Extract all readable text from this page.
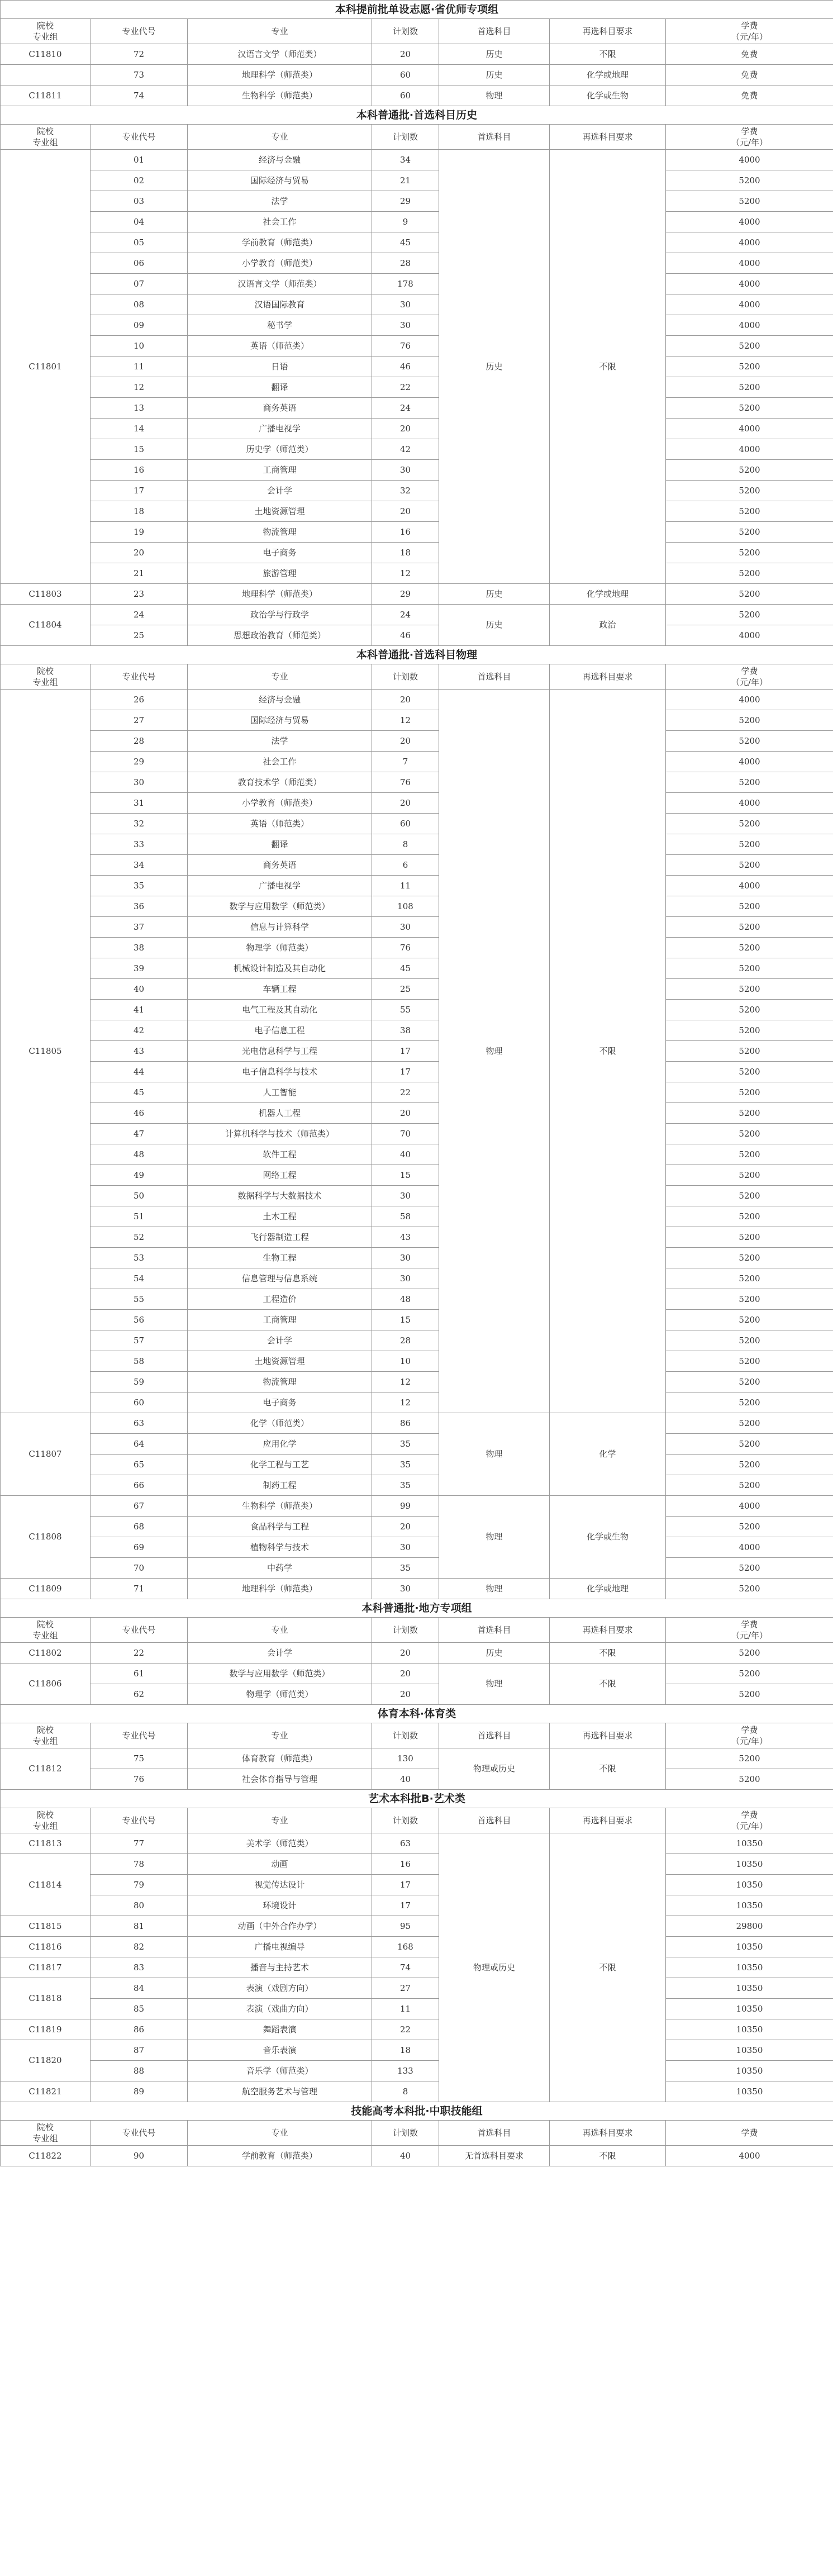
本科提前批单设志愿·省优师专项组						
院校
专业组	专业代号	专业	计划数	首选科目	再选科目要求	学费
（元/年）
C11810	72	汉语言文学（师范类）	20	历史	不限	免费
	73	地理科学（师范类）	60	历史	化学或地理	免费
C11811	74	生物科学（师范类）	60	物理	化学或生物	免费
本科普通批·首选科目历史						
院校
专业组	专业代号	专业	计划数	首选科目	再选科目要求	学费
（元/年）
C11801	01	经济与金融	34	历史	不限	4000
	02	国际经济与贸易	21			5200
	03	法学	29			5200
	04	社会工作	9			4000
	05	学前教育（师范类）	45			4000
	06	小学教育（师范类）	28			4000
	07	汉语言文学（师范类）	178			4000
	08	汉语国际教育	30			4000
	09	秘书学	30			4000
	10	英语（师范类）	76			5200
	11	日语	46			5200
	12	翻译	22			5200
	13	商务英语	24			5200
	14	广播电视学	20			4000
	15	历史学（师范类）	42			4000
	16	工商管理	30			5200
	17	会计学	32			5200
	18	土地资源管理	20			5200
	19	物流管理	16			5200
	20	电子商务	18			5200
	21	旅游管理	12			5200
C11803	23	地理科学（师范类）	29	历史	化学或地理	5200
C11804	24	政治学与行政学	24	历史	政治	5200
	25	思想政治教育（师范类）	46			4000
本科普通批·首选科目物理						
院校
专业组	专业代号	专业	计划数	首选科目	再选科目要求	学费
（元/年）
C11805	26	经济与金融	20	物理	不限	4000
	27	国际经济与贸易	12			5200
	28	法学	20			5200
	29	社会工作	7			4000
	30	教育技术学（师范类）	76			5200
	31	小学教育（师范类）	20			4000
	32	英语（师范类）	60			5200
	33	翻译	8			5200
	34	商务英语	6			5200
	35	广播电视学	11			4000
	36	数学与应用数学（师范类）	108			5200
	37	信息与计算科学	30			5200
	38	物理学（师范类）	76			5200
	39	机械设计制造及其自动化	45			5200
	40	车辆工程	25			5200
	41	电气工程及其自动化	55			5200
	42	电子信息工程	38			5200
	43	光电信息科学与工程	17			5200
	44	电子信息科学与技术	17			5200
	45	人工智能	22			5200
	46	机器人工程	20			5200
	47	计算机科学与技术（师范类）	70			5200
	48	软件工程	40			5200
	49	网络工程	15			5200
	50	数据科学与大数据技术	30			5200
	51	土木工程	58			5200
	52	飞行器制造工程	43			5200
	53	生物工程	30			5200
	54	信息管理与信息系统	30			5200
	55	工程造价	48			5200
	56	工商管理	15			5200
	57	会计学	28			5200
	58	土地资源管理	10			5200
	59	物流管理	12			5200
	60	电子商务	12			5200
C11807	63	化学（师范类）	86	物理	化学	5200
	64	应用化学	35			5200
	65	化学工程与工艺	35			5200
	66	制药工程	35			5200
C11808	67	生物科学（师范类）	99	物理	化学或生物	4000
	68	食品科学与工程	20			5200
	69	植物科学与技术	30			4000
	70	中药学	35			5200
C11809	71	地理科学（师范类）	30	物理	化学或地理	5200
本科普通批·地方专项组						
院校
专业组	专业代号	专业	计划数	首选科目	再选科目要求	学费
（元/年）
C11802	22	会计学	20	历史	不限	5200
C11806	61	数学与应用数学（师范类）	20	物理	不限	5200
	62	物理学（师范类）	20			5200
体育本科·体育类						
院校
专业组	专业代号	专业	计划数	首选科目	再选科目要求	学费
（元/年）
C11812	75	体育教育（师范类）	130	物理或历史	不限	5200
	76	社会体育指导与管理	40			5200
艺术本科批B·艺术类						
院校
专业组	专业代号	专业	计划数	首选科目	再选科目要求	学费
（元/年）
C11813	77	美术学（师范类）	63	物理或历史	不限	10350
C11814	78	动画	16			10350
	79	视觉传达设计	17			10350
	80	环境设计	17			10350
C11815	81	动画（中外合作办学）	95			29800
C11816	82	广播电视编导	168			10350
C11817	83	播音与主持艺术	74			10350
C11818	84	表演（戏剧方向）	27			10350
	85	表演（戏曲方向）	11			10350
C11819	86	舞蹈表演	22			10350
C11820	87	音乐表演	18			10350
	88	音乐学（师范类）	133			10350
C11821	89	航空服务艺术与管理	8			10350
技能高考本科批·中职技能组						
院校
专业组	专业代号	专业	计划数	首选科目	再选科目要求	学费
C11822	90	学前教育（师范类）	40	无首选科目要求	不限	4000
